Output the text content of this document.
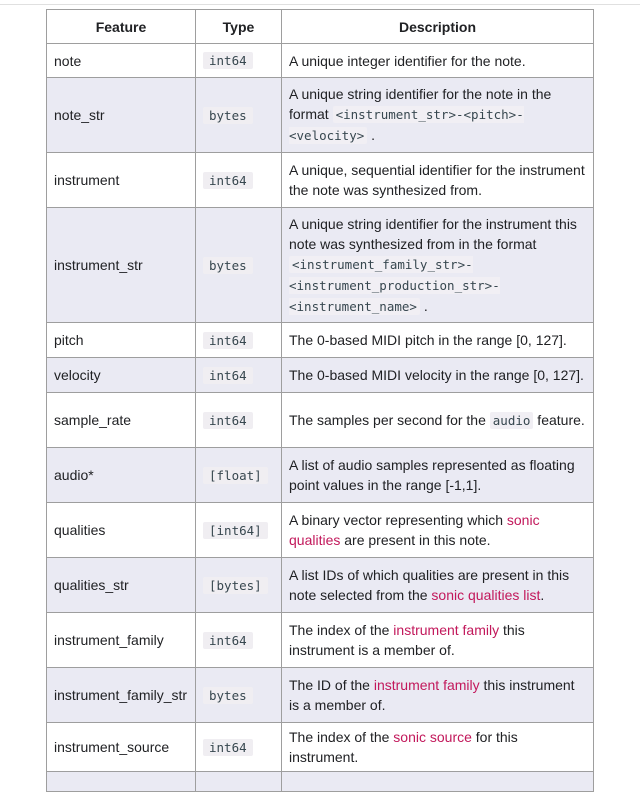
Feature	Type	Description
note	int64	A unique integer identifier for the note.
note_str	bytes	A unique string identifier for the note in the format <instrument_str>-<pitch>-<velocity> .
instrument	int64	A unique, sequential identifier for the instrument the note was synthesized from.
instrument_str	bytes	A unique string identifier for the instrument this note was synthesized from in the format <instrument_family_str>-<instrument_production_str>-<instrument_name> .
pitch	int64	The 0-based MIDI pitch in the range [0, 127].
velocity	int64	The 0-based MIDI velocity in the range [0, 127].
sample_rate	int64	The samples per second for the audio feature.
audio*	[float]	A list of audio samples represented as floating point values in the range [-1,1].
qualities	[int64]	A binary vector representing which sonic qualities are present in this note.
qualities_str	[bytes]	A list IDs of which qualities are present in this note selected from the sonic qualities list.
instrument_family	int64	The index of the instrument family this instrument is a member of.
instrument_family_str	bytes	The ID of the instrument family this instrument is a member of.
instrument_source	int64	The index of the sonic source for this instrument.
